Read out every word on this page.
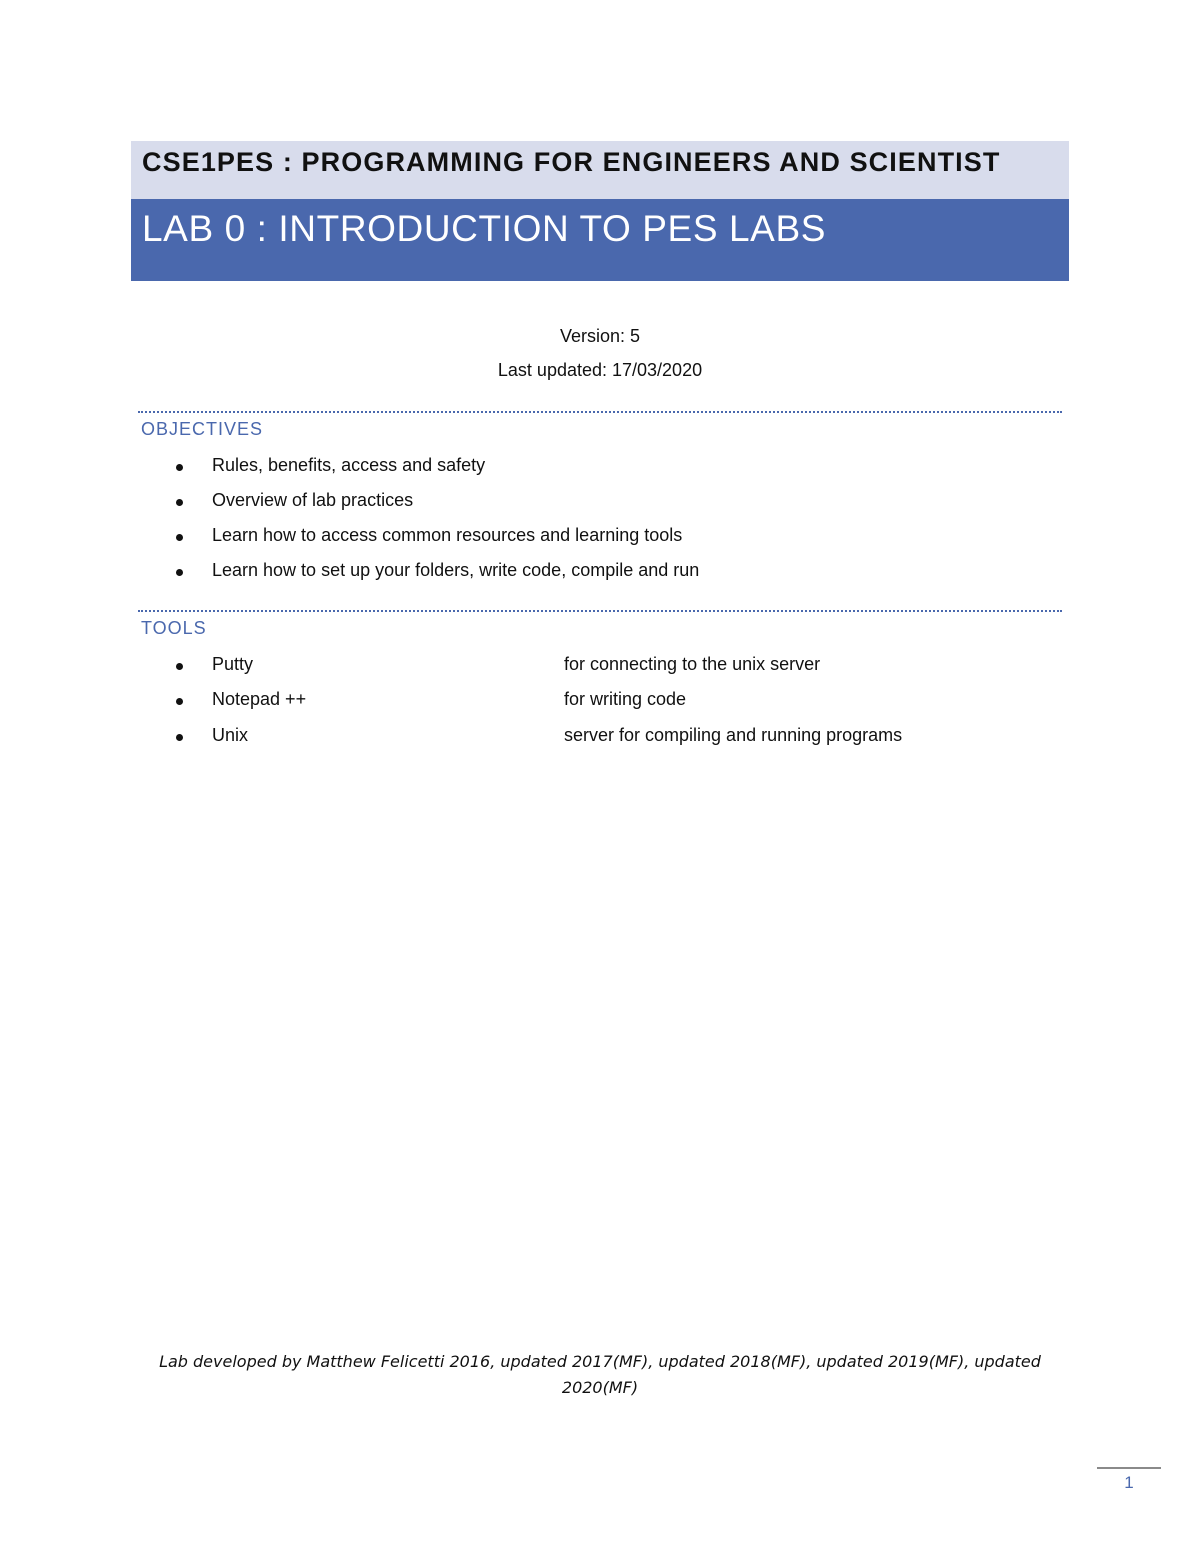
CSE1PES : PROGRAMMING FOR ENGINEERS AND SCIENTIST
LAB 0 : INTRODUCTION TO PES LABS
Version: 5
Last updated: 17/03/2020
OBJECTIVES
Rules, benefits, access and safety
Overview of lab practices
Learn how to access common resources and learning tools
Learn how to set up your folders, write code, compile and run
TOOLS
Putty	for connecting to the unix server
Notepad ++	for writing code
Unix	server for compiling and running programs
Lab developed by Matthew Felicetti 2016, updated 2017(MF), updated 2018(MF), updated 2019(MF), updated
2020(MF)
1
